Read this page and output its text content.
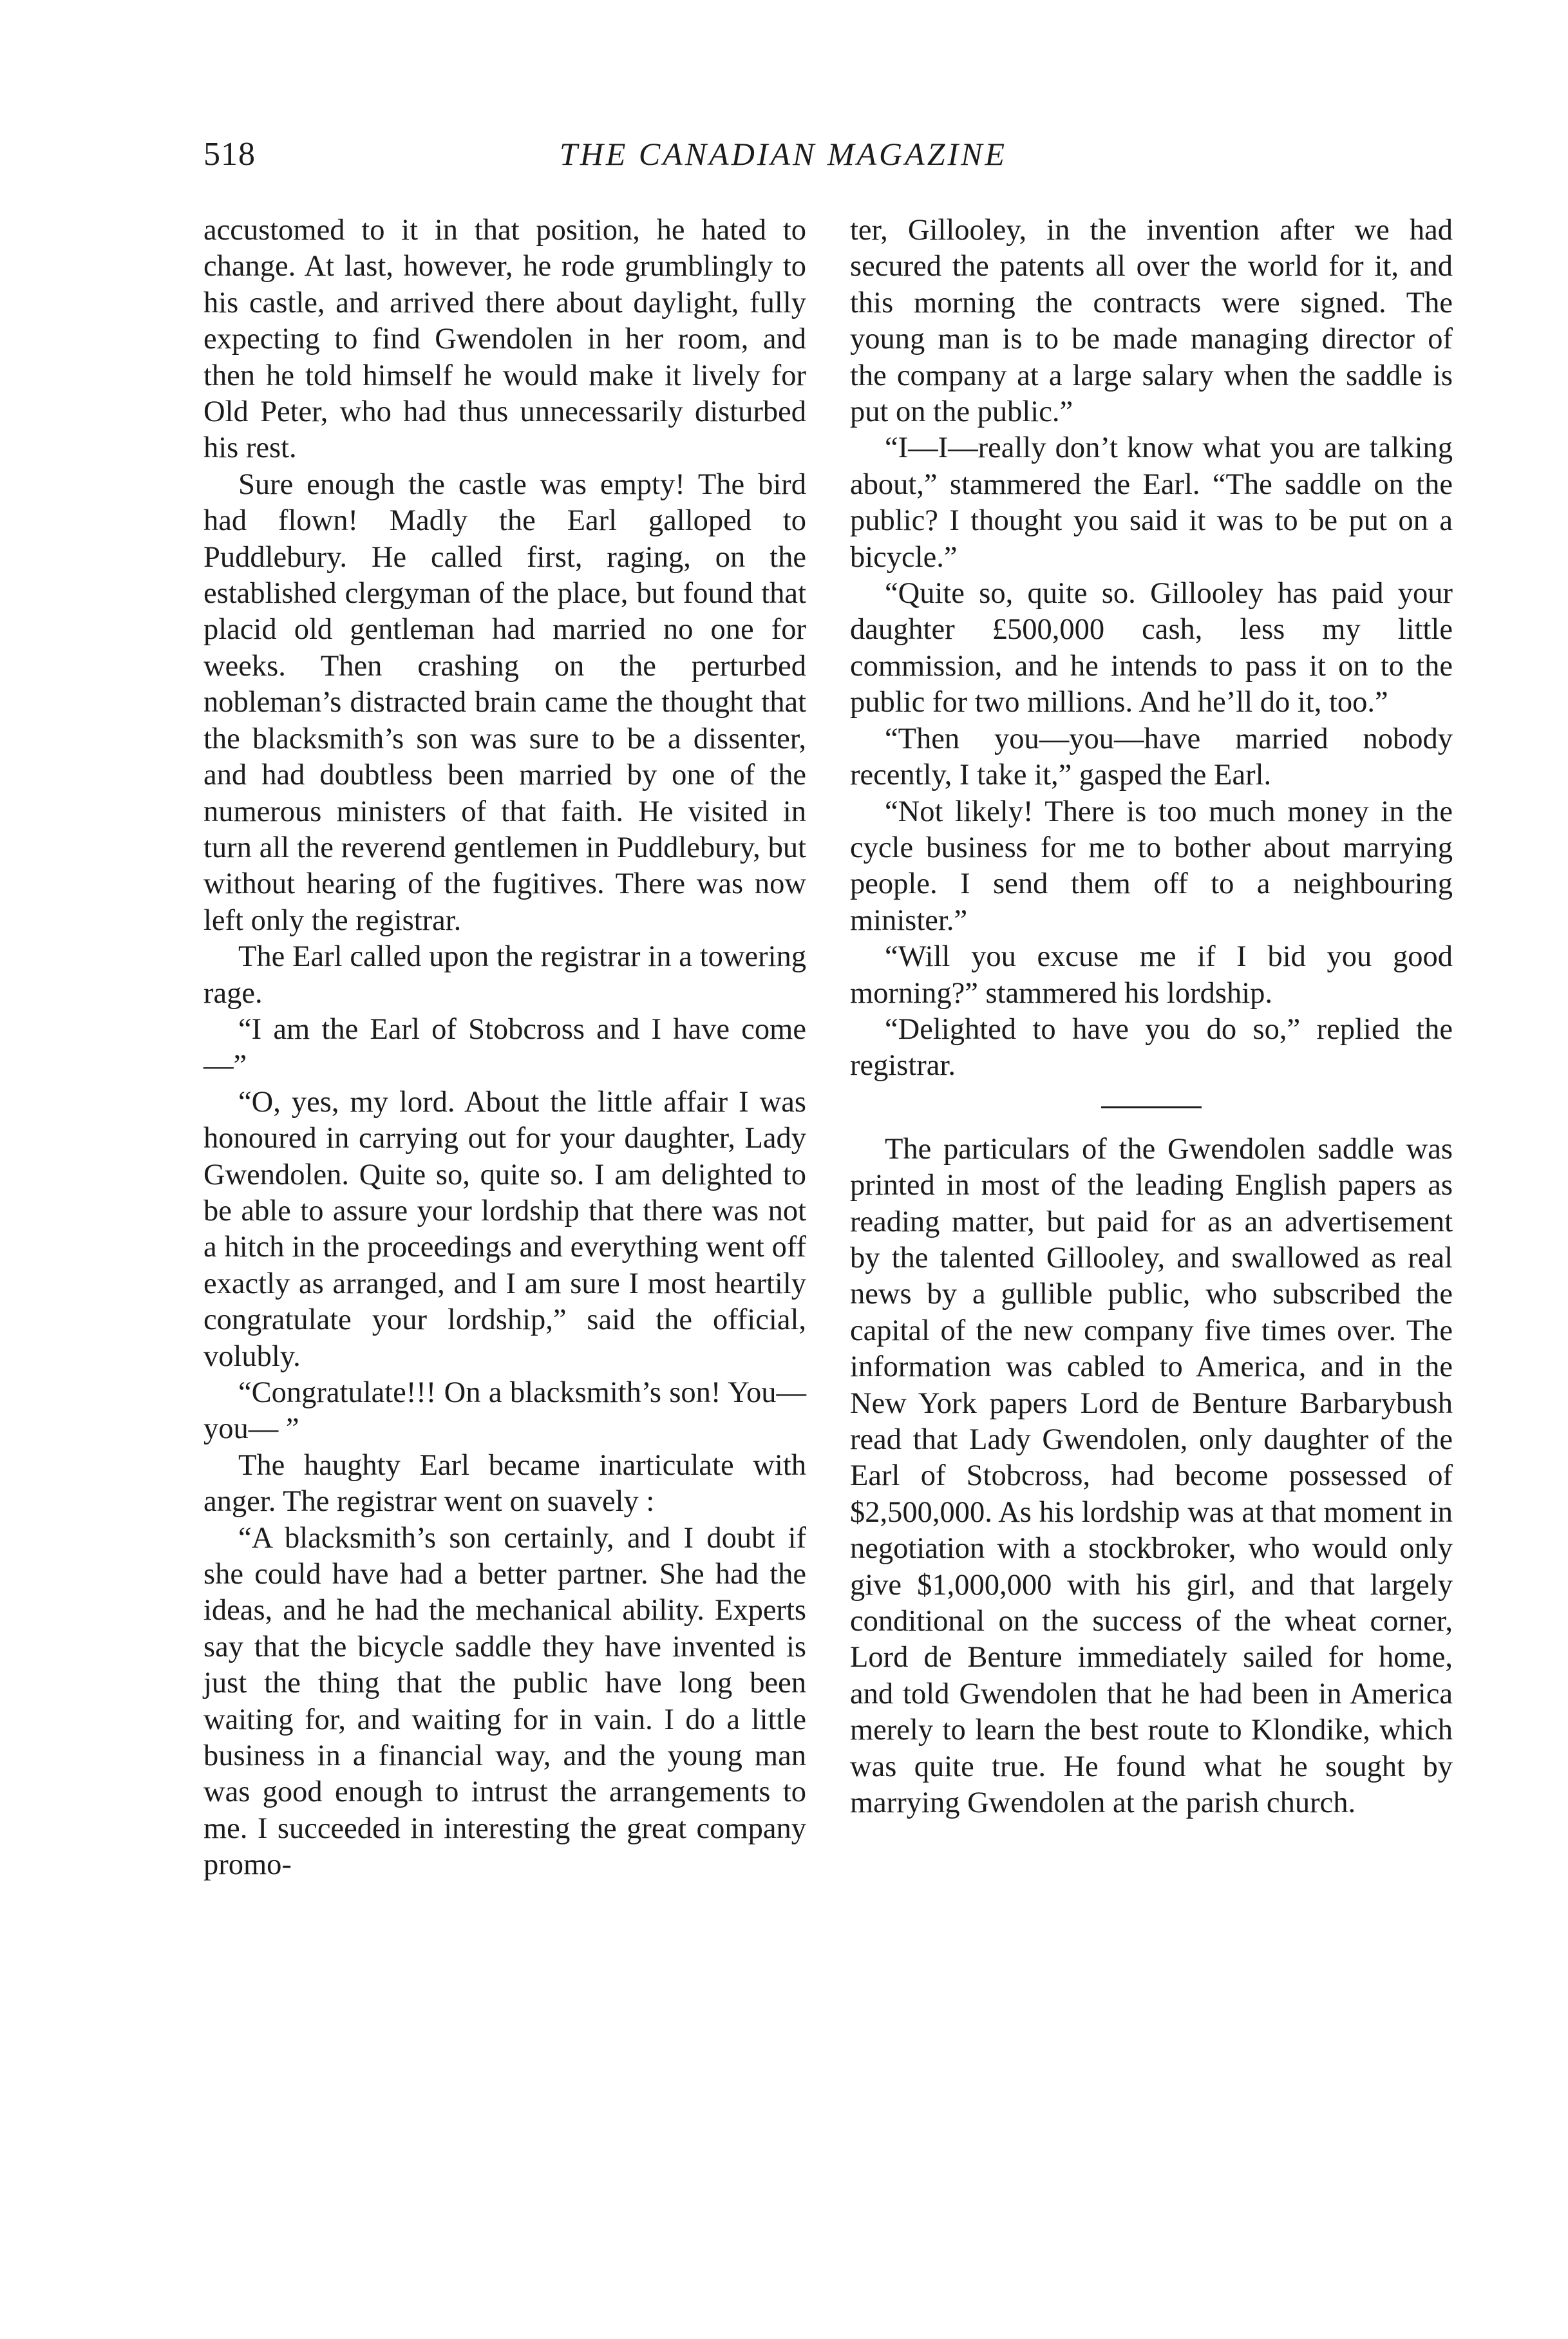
518	THE CANADIAN MAGAZINE

accustomed to it in that position, he hated to change. At last, however, he rode grumblingly to his castle, and arrived there about daylight, fully expecting to find Gwendolen in her room, and then he told himself he would make it lively for Old Peter, who had thus unnecessarily disturbed his rest.

Sure enough the castle was empty! The bird had flown! Madly the Earl galloped to Puddlebury. He called first, raging, on the established clergyman of the place, but found that placid old gentleman had married no one for weeks. Then crashing on the perturbed nobleman’s distracted brain came the thought that the blacksmith’s son was sure to be a dissenter, and had doubtless been married by one of the numerous ministers of that faith. He visited in turn all the reverend gentlemen in Puddlebury, but without hearing of the fugitives. There was now left only the registrar.

The Earl called upon the registrar in a towering rage.

“I am the Earl of Stobcross and I have come—”

“O, yes, my lord. About the little affair I was honoured in carrying out for your daughter, Lady Gwendolen. Quite so, quite so. I am delighted to be able to assure your lordship that there was not a hitch in the proceedings and everything went off exactly as arranged, and I am sure I most heartily congratulate your lordship,” said the official, volubly.

“Congratulate!!! On a blacksmith’s son! You—you— ”

The haughty Earl became inarticulate with anger. The registrar went on suavely :

“A blacksmith’s son certainly, and I doubt if she could have had a better partner. She had the ideas, and he had the mechanical ability. Experts say that the bicycle saddle they have invented is just the thing that the public have long been waiting for, and waiting for in vain. I do a little business in a financial way, and the young man was good enough to intrust the arrangements to me. I succeeded in interesting the great company promo-

ter, Gillooley, in the invention after we had secured the patents all over the world for it, and this morning the contracts were signed. The young man is to be made managing director of the company at a large salary when the saddle is put on the public.”

“I—I—really don’t know what you are talking about,” stammered the Earl. “The saddle on the public? I thought you said it was to be put on a bicycle.”

“Quite so, quite so. Gillooley has paid your daughter £500,000 cash, less my little commission, and he intends to pass it on to the public for two millions. And he’ll do it, too.”

“Then you—you—have married nobody recently, I take it,” gasped the Earl.

“Not likely! There is too much money in the cycle business for me to bother about marrying people. I send them off to a neighbouring minister.”

“Will you excuse me if I bid you good morning?” stammered his lordship.

“Delighted to have you do so,” replied the registrar.

The particulars of the Gwendolen saddle was printed in most of the leading English papers as reading matter, but paid for as an advertisement by the talented Gillooley, and swallowed as real news by a gullible public, who subscribed the capital of the new company five times over. The information was cabled to America, and in the New York papers Lord de Benture Barbarybush read that Lady Gwendolen, only daughter of the Earl of Stobcross, had become possessed of $2,500,000. As his lordship was at that moment in negotiation with a stockbroker, who would only give $1,000,000 with his girl, and that largely conditional on the success of the wheat corner, Lord de Benture immediately sailed for home, and told Gwendolen that he had been in America merely to learn the best route to Klondike, which was quite true. He found what he sought by marrying Gwendolen at the parish church.
